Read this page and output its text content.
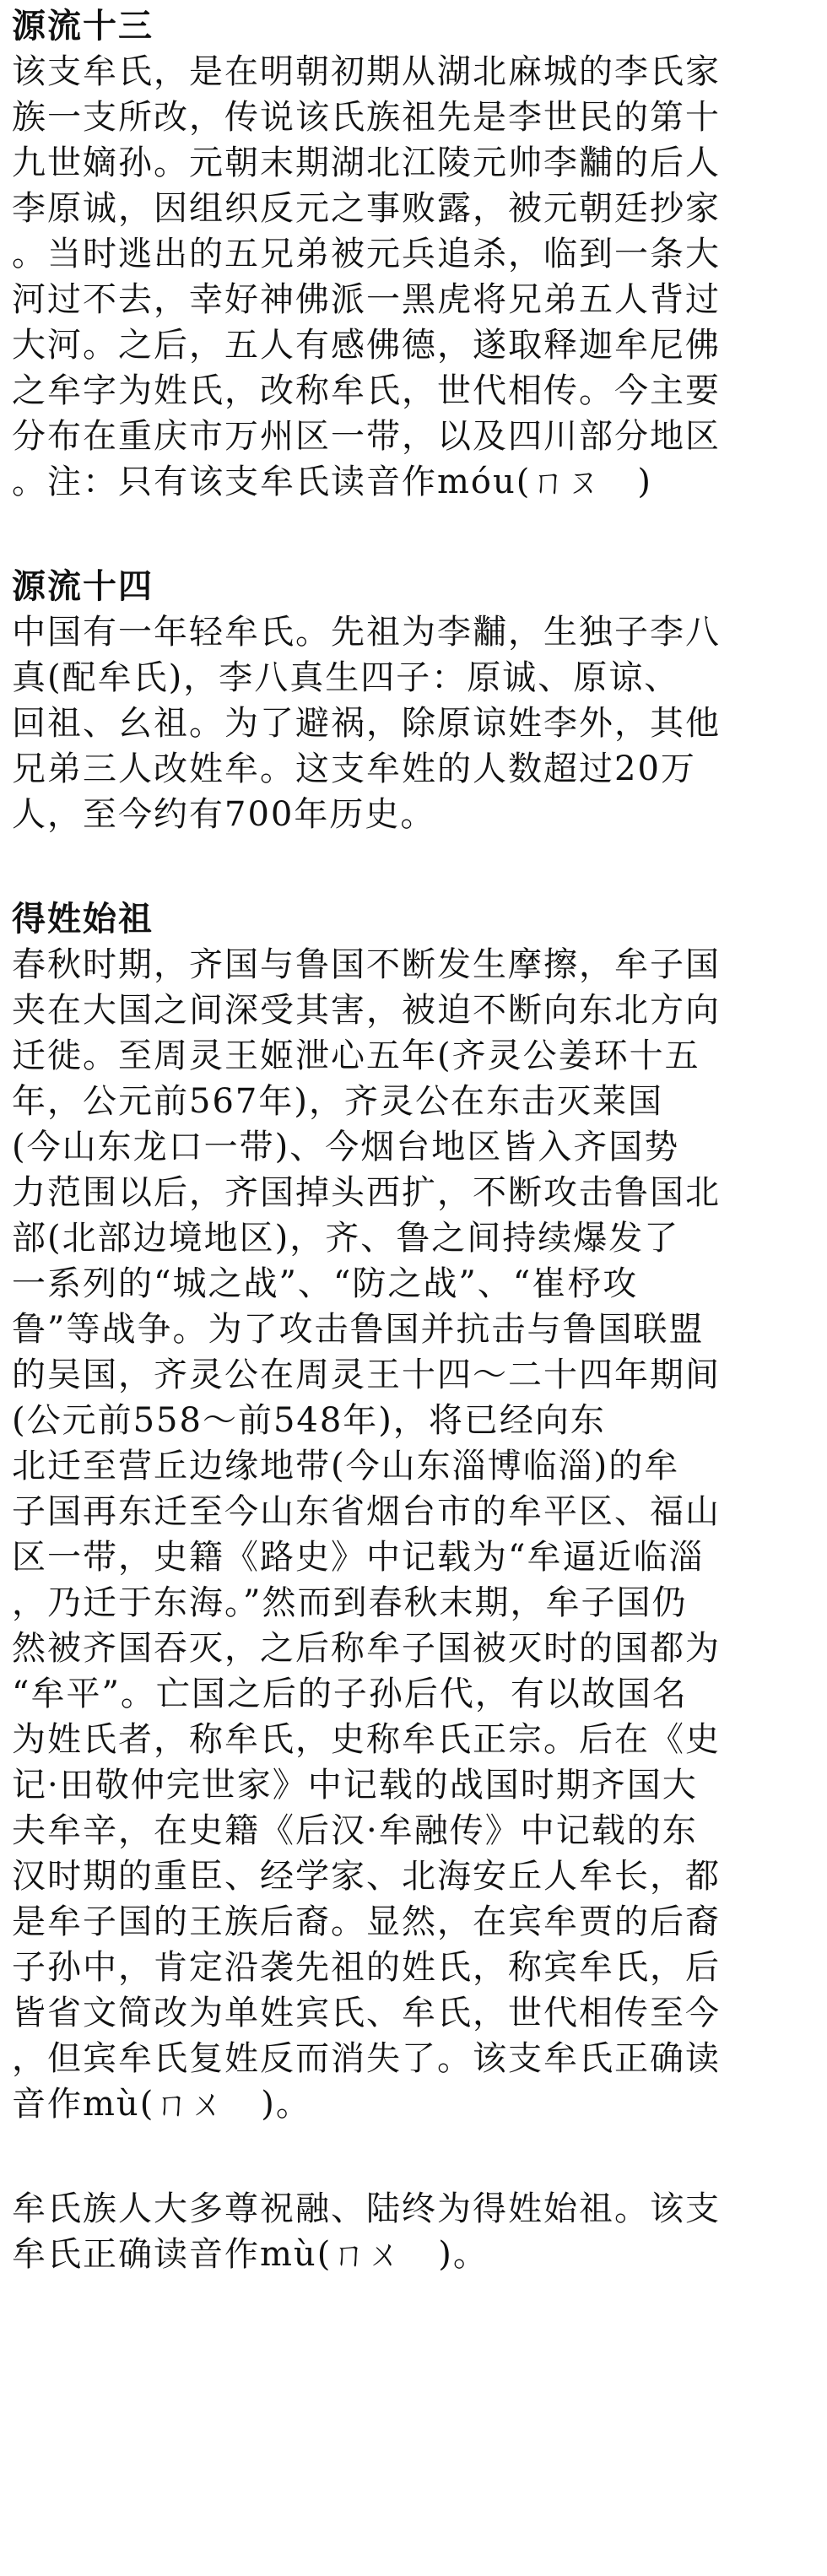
源流十三
该支牟氏，是在明朝初期从湖北麻城的李氏家
族一支所改，传说该氏族祖先是李世民的第十
九世嫡孙。元朝末期湖北江陵元帅李黼的后人
李原诚，因组织反元之事败露，被元朝廷抄家
。当时逃出的五兄弟被元兵追杀，临到一条大
河过不去，幸好神佛派一黑虎将兄弟五人背过
大河。之后，五人有感佛德，遂取释迦牟尼佛
之牟字为姓氏，改称牟氏，世代相传。今主要
分布在重庆市万州区一带，以及四川部分地区
。注：只有该支牟氏读音作móu(ㄇㄡ　)
源流十四
中国有一年轻牟氏。先祖为李黼，生独子李八
真(配牟氏)，李八真生四子：原诚、原谅、
回祖、幺祖。为了避祸，除原谅姓李外，其他
兄弟三人改姓牟。这支牟姓的人数超过20万
人，至今约有700年历史。
得姓始祖
春秋时期，齐国与鲁国不断发生摩擦，牟子国
夹在大国之间深受其害，被迫不断向东北方向
迁徙。至周灵王姬泄心五年(齐灵公姜环十五
年，公元前567年)，齐灵公在东击灭莱国
(今山东龙口一带)、今烟台地区皆入齐国势
力范围以后，齐国掉头西扩，不断攻击鲁国北
部(北部边境地区)，齐、鲁之间持续爆发了
一系列的“城之战”、“防之战”、“崔杼攻
鲁”等战争。为了攻击鲁国并抗击与鲁国联盟
的吴国，齐灵公在周灵王十四～二十四年期间
(公元前558～前548年)，将已经向东
北迁至营丘边缘地带(今山东淄博临淄)的牟
子国再东迁至今山东省烟台市的牟平区、福山
区一带，史籍《路史》中记载为“牟逼近临淄
，乃迁于东海。”然而到春秋末期，牟子国仍
然被齐国吞灭，之后称牟子国被灭时的国都为
“牟平”。亡国之后的子孙后代，有以故国名
为姓氏者，称牟氏，史称牟氏正宗。后在《史
记·田敬仲完世家》中记载的战国时期齐国大
夫牟辛，在史籍《后汉·牟融传》中记载的东
汉时期的重臣、经学家、北海安丘人牟长，都
是牟子国的王族后裔。显然，在宾牟贾的后裔
子孙中，肯定沿袭先祖的姓氏，称宾牟氏，后
皆省文简改为单姓宾氏、牟氏，世代相传至今
，但宾牟氏复姓反而消失了。该支牟氏正确读
音作mù(ㄇㄨ　)。
牟氏族人大多尊祝融、陆终为得姓始祖。该支
牟氏正确读音作mù(ㄇㄨ　)。
